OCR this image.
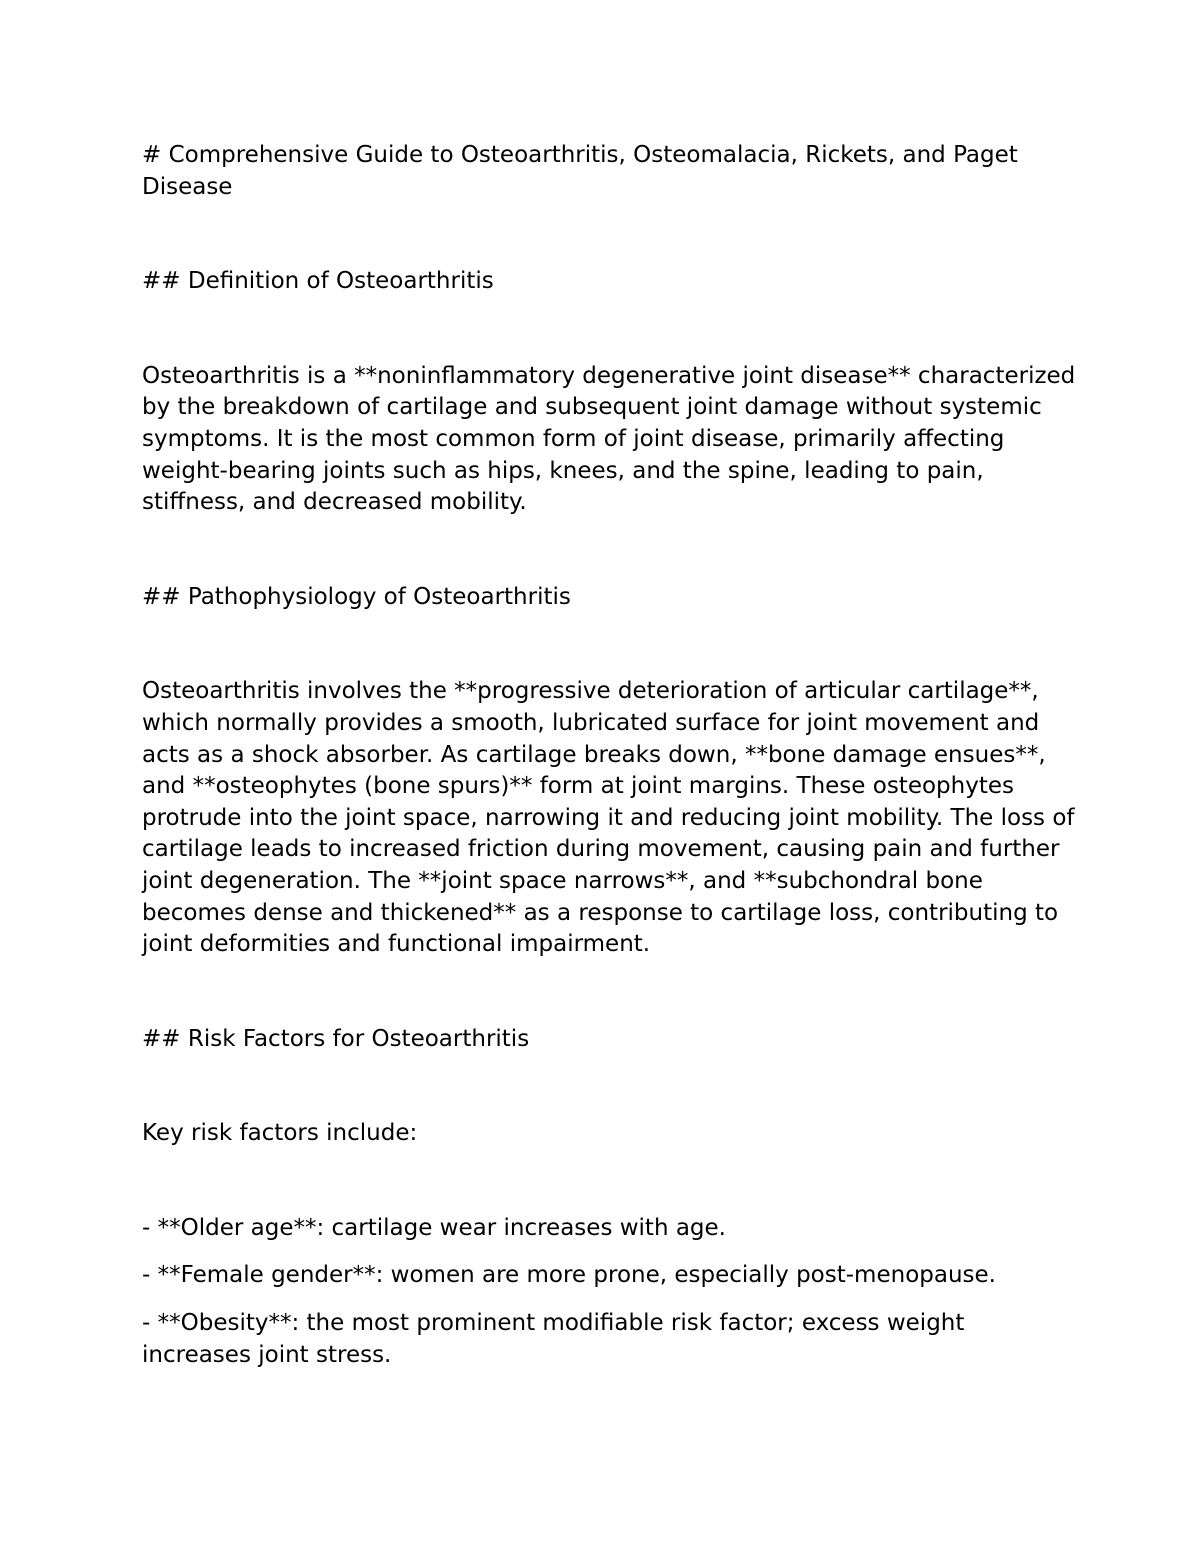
# Comprehensive Guide to Osteoarthritis, Osteomalacia, Rickets, and Paget Disease

## Definition of Osteoarthritis

Osteoarthritis is a **noninflammatory degenerative joint disease** characterized by the breakdown of cartilage and subsequent joint damage without systemic symptoms. It is the most common form of joint disease, primarily affecting weight-bearing joints such as hips, knees, and the spine, leading to pain, stiffness, and decreased mobility.

## Pathophysiology of Osteoarthritis

Osteoarthritis involves the **progressive deterioration of articular cartilage**, which normally provides a smooth, lubricated surface for joint movement and acts as a shock absorber. As cartilage breaks down, **bone damage ensues**, and **osteophytes (bone spurs)** form at joint margins. These osteophytes protrude into the joint space, narrowing it and reducing joint mobility. The loss of cartilage leads to increased friction during movement, causing pain and further joint degeneration. The **joint space narrows**, and **subchondral bone becomes dense and thickened** as a response to cartilage loss, contributing to joint deformities and functional impairment.

## Risk Factors for Osteoarthritis

Key risk factors include:

- **Older age**: cartilage wear increases with age.

- **Female gender**: women are more prone, especially post-menopause.

- **Obesity**: the most prominent modifiable risk factor; excess weight increases joint stress.
